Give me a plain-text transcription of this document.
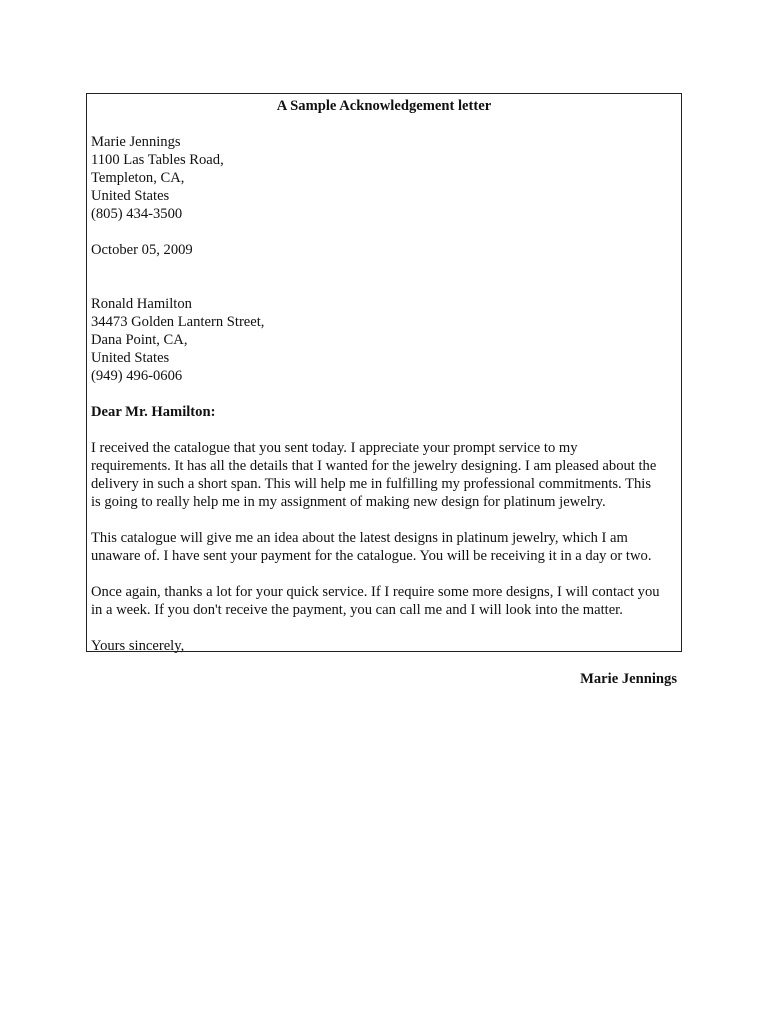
A Sample Acknowledgement letter

Marie Jennings
1100 Las Tables Road,
Templeton, CA,
United States
(805) 434-3500
October 05, 2009
Ronald Hamilton
34473 Golden Lantern Street,
Dana Point, CA,
United States
(949) 496-0606
Dear Mr. Hamilton:
I received the catalogue that you sent today. I appreciate your prompt service to my
requirements. It has all the details that I wanted for the jewelry designing. I am pleased about the
delivery in such a short span. This will help me in fulfilling my professional commitments. This
is going to really help me in my assignment of making new design for platinum jewelry.
This catalogue will give me an idea about the latest designs in platinum jewelry, which I am
unaware of. I have sent your payment for the catalogue. You will be receiving it in a day or two.
Once again, thanks a lot for your quick service. If I require some more designs, I will contact you
in a week. If you don't receive the payment, you can call me and I will look into the matter.
Yours sincerely,
Marie Jennings
